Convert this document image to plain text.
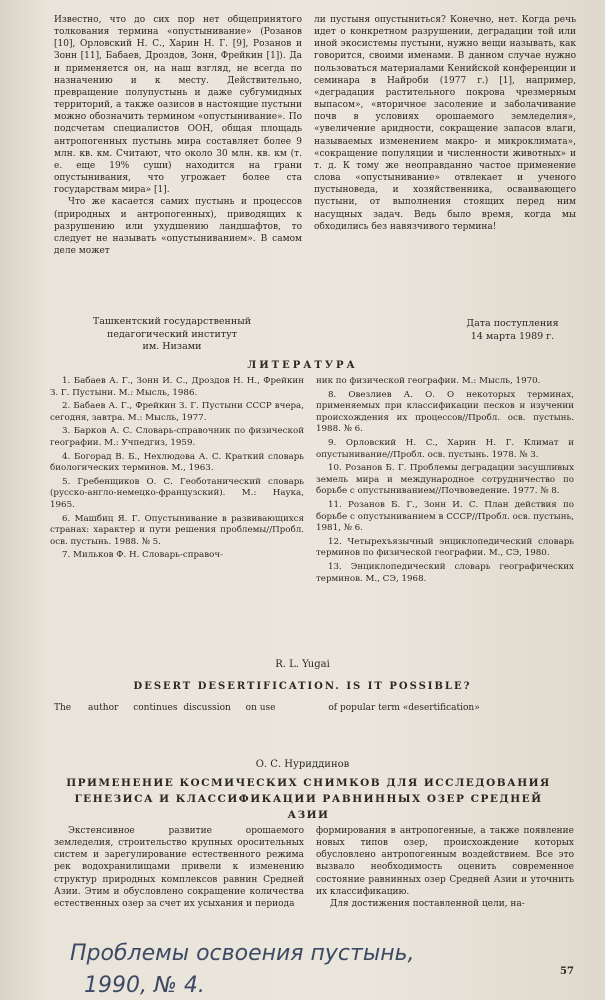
Известно, что до сих пор нет общепринятого толкования термина «опустынивание» (Розанов [10], Орловский Н. С., Харин Н. Г. [9], Розанов и Зонн [11], Бабаев, Дроздов, Зонн, Фрейкин [1]). Да и применяется он, на наш взгляд, не всегда по назначению и к месту. Действительно, превращение полупустынь и даже субгумидных территорий, а также оазисов в настоящие пустыни можно обозначить термином «опустынивание». По подсчетам специалистов ООН, общая площадь антропогенных пустынь мира составляет более 9 млн. кв. км. Считают, что около 30 млн. кв. км (т. е. еще 19% суши) находится на грани опустынивания, что угрожает более ста государствам мира» [1].

Что же касается самих пустынь и процессов (природных и антропогенных), приводящих к разрушению или ухудшению ландшафтов, то следует не называть «опустыниванием». В самом деле может

ли пустыня опустыниться? Конечно, нет. Когда речь идет о конкретном разрушении, деградации той или иной экосистемы пустыни, нужно вещи называть, как говорится, своими именами. В данном случае нужно пользоваться материалами Кенийской конференции и семинара в Найроби (1977 г.) [1], например, «деградация растительного покрова чрезмерным выпасом», «вторичное засоление и заболачивание почв в условиях орошаемого земледелия», «увеличение аридности, сокращение запасов влаги, называемых изменением макро- и микроклимата», «сокращение популяции и численности животных» и т. д. К тому же неоправданно частое применение слова «опустынивание» отвлекает и ученого пустыноведа, и хозяйственника, осваивающего пустыни, от выполнения стоящих перед ним насущных задач. Ведь было время, когда мы обходились без навязчивого термина!

Ташкентский государственный
педагогический институт
им. Низами
Дата поступления
14 марта 1989 г.
ЛИТЕРАТУРА

1. Бабаев А. Г., Зонн И. С., Дроздов Н. Н., Фрейкин З. Г. Пустыни. М.: Мысль, 1986.

2. Бабаев А. Г., Фрейкин З. Г. Пустыни СССР вчера, сегодня, завтра. М.: Мысль, 1977.

3. Барков А. С. Словарь-справочник по физической географии. М.: Учпедгиз, 1959.

4. Богорад В. Б., Нехлюдова А. С. Краткий словарь биологических терминов. М., 1963.

5. Гребенщиков О. С. Геоботанический словарь (русско-англо-немецко-французский). М.: Наука, 1965.

6. Машбиц Я. Г. Опустынивание в развивающихся странах: характер и пути решения проблемы//Пробл. осв. пустынь. 1988. № 5.

7. Мильков Ф. Н. Словарь-справоч-

ник по физической географии. М.: Мысль, 1970.

8. Овезлиев А. О. О некоторых терминах, применяемых при классификации песков и изучении происхождения их процессов//Пробл. осв. пустынь. 1988. № 6.

9. Орловский Н. С., Харин Н. Г. Климат и опустынивание//Пробл. осв. пустынь. 1978. № 3.

10. Розанов Б. Г. Проблемы деградации засушливых земель мира и международное сотрудничество по борьбе с опустыниванием//Почвоведение. 1977. № 8.

11. Розанов Б. Г., Зонн И. С. План действия по борьбе с опустыниванием в СССР//Пробл. осв. пустынь, 1981, № 6.

12. Четырехъязычный энциклопедический словарь терминов по физической географии. М., СЭ, 1980.

13. Энциклопедический словарь географических терминов. М., СЭ, 1968.

R. L. Yugai
DESERT DESERTIFICATION. IS IT POSSIBLE?
The author continues discussion on use	of popular term «desertification»
О. С. Нуриддинов
ПРИМЕНЕНИЕ КОСМИЧЕСКИХ СНИМКОВ ДЛЯ ИССЛЕДОВАНИЯ ГЕНЕЗИСА И КЛАССИФИКАЦИИ РАВНИННЫХ ОЗЕР СРЕДНЕЙ АЗИИ

Экстенсивное развитие орошаемого земледелия, строительство крупных оросительных систем и зарегулирование естественного режима рек водохранилищами привели к изменению структур природных комплексов равнин Средней Азии. Этим и обусловлено сокращение количества естественных озер за счет их усыхания и периода

формирования в антропогенные, а также появление новых типов озер, происхождение которых обусловлено антропогенным воздействием. Все это вызвало необходимость оценить современное состояние равнинных озер Средней Азии и уточнить их классификацию.

Для достижения поставленной цели, на-

57
Проблемы освоения пустынь,
1990, № 4.
